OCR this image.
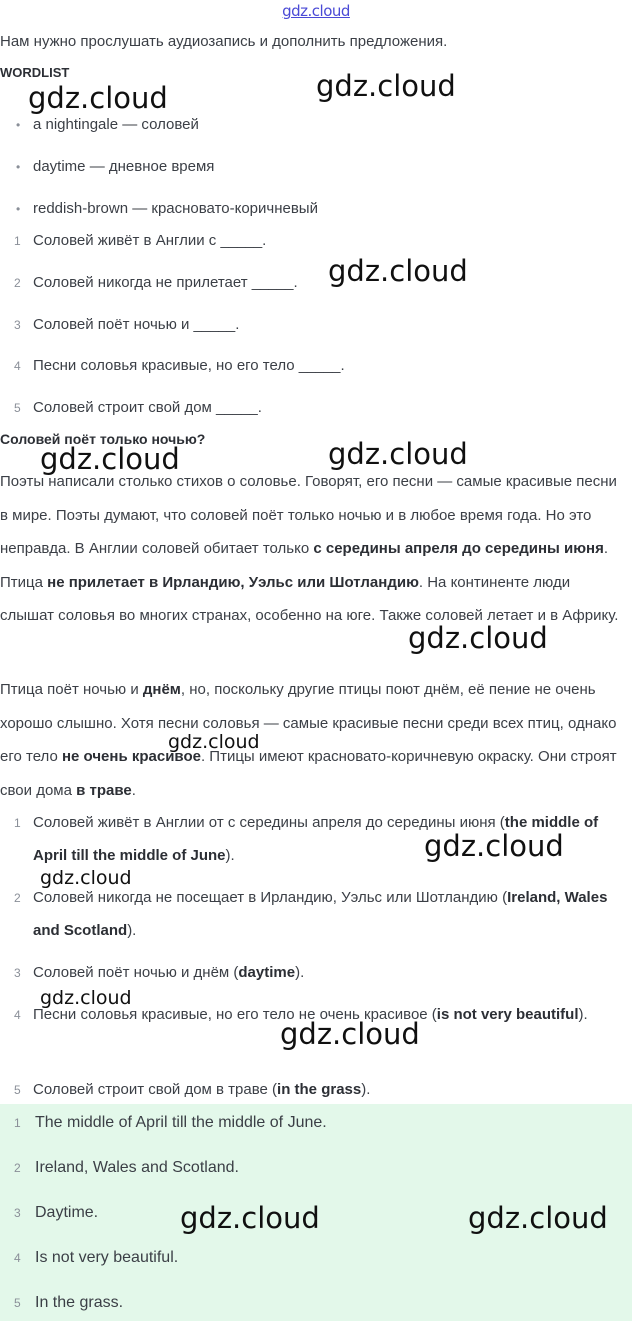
gdz.cloud
Нам нужно прослушать аудиозапись и дополнить предложения.
WORDLIST
• a nightingale — соловей
• daytime — дневное время
• reddish-brown — красновато-коричневый
1 Соловей живёт в Англии с _____.
2 Соловей никогда не прилетает _____.
3 Соловей поёт ночью и _____.
4 Песни соловья красивые, но его тело _____.
5 Соловей строит свой дом _____.
Соловей поёт только ночью?
Поэты написали столько стихов о соловье. Говорят, его песни — самые красивые песни в мире. Поэты думают, что соловей поёт только ночью и в любое время года. Но это неправда. В Англии соловей обитает только с середины апреля до середины июня. Птица не прилетает в Ирландию, Уэльс или Шотландию. На континенте люди слышат соловья во многих странах, особенно на юге. Также соловей летает и в Африку.
Птица поёт ночью и днём, но, поскольку другие птицы поют днём, её пение не очень хорошо слышно. Хотя песни соловья — самые красивые песни среди всех птиц, однако его тело не очень красивое. Птицы имеют красновато-коричневую окраску. Они строят свои дома в траве.
1 Соловей живёт в Англии от с середины апреля до середины июня (the middle of April till the middle of June).
2 Соловей никогда не посещает в Ирландию, Уэльс или Шотландию (Ireland, Wales and Scotland).
3 Соловей поёт ночью и днём (daytime).
4 Песни соловья красивые, но его тело не очень красивое (is not very beautiful).
5 Соловей строит свой дом в траве (in the grass).
1 The middle of April till the middle of June.
2 Ireland, Wales and Scotland.
3 Daytime.
4 Is not very beautiful.
5 In the grass.
gdz.cloud	gdz.cloud
gdz.cloud
gdz.cloud	gdz.cloud
gdz.cloud
gdz.cloud
gdz.cloud
gdz.cloud
gdz.cloud
gdz.cloud
gdz.cloud	gdz.cloud
